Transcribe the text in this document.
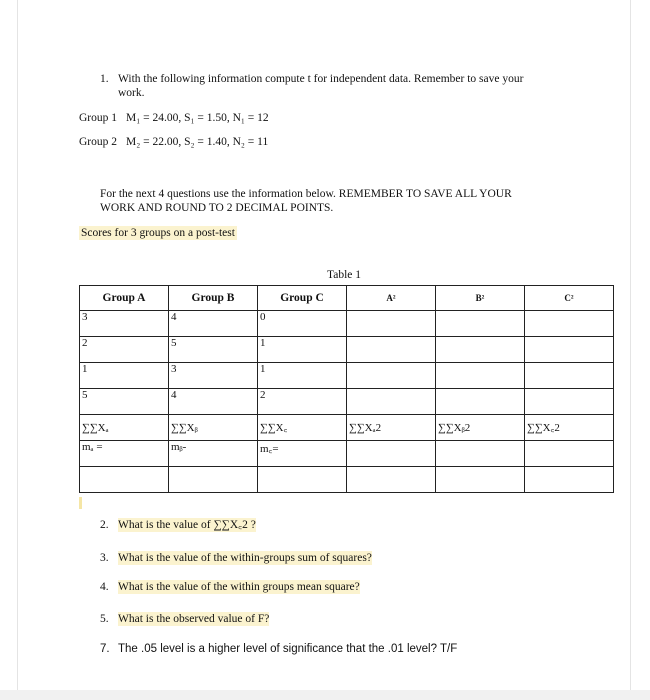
1. With the following information compute t for independent data. Remember to save your
work.
Group 1 M₁ = 24.00, S₁ = 1.50, N₁ = 12
Group 2 M₂ = 22.00, S₂ = 1.40, N₂ = 11
For the next 4 questions use the information below. REMEMBER TO SAVE ALL YOUR
WORK AND ROUND TO 2 DECIMAL POINTS.
Scores for 3 groups on a post-test
Table 1
Group A	Group B	Group C	A²	B²	C²
3	4	0			
2	5	1			
1	3	1			
5	4	2			
∑∑Xₐ	∑∑Xᵦ	∑∑X꜀	∑∑Xₐ2	∑∑Xᵦ2	∑∑X꜀2
mₐ =	mᵦ-	m꜀=			

2. What is the value of ∑∑X꜀2 ?
3. What is the value of the within-groups sum of squares?
4. What is the value of the within groups mean square?
5. What is the observed value of F?
7. The .05 level is a higher level of significance that the .01 level? T/F
